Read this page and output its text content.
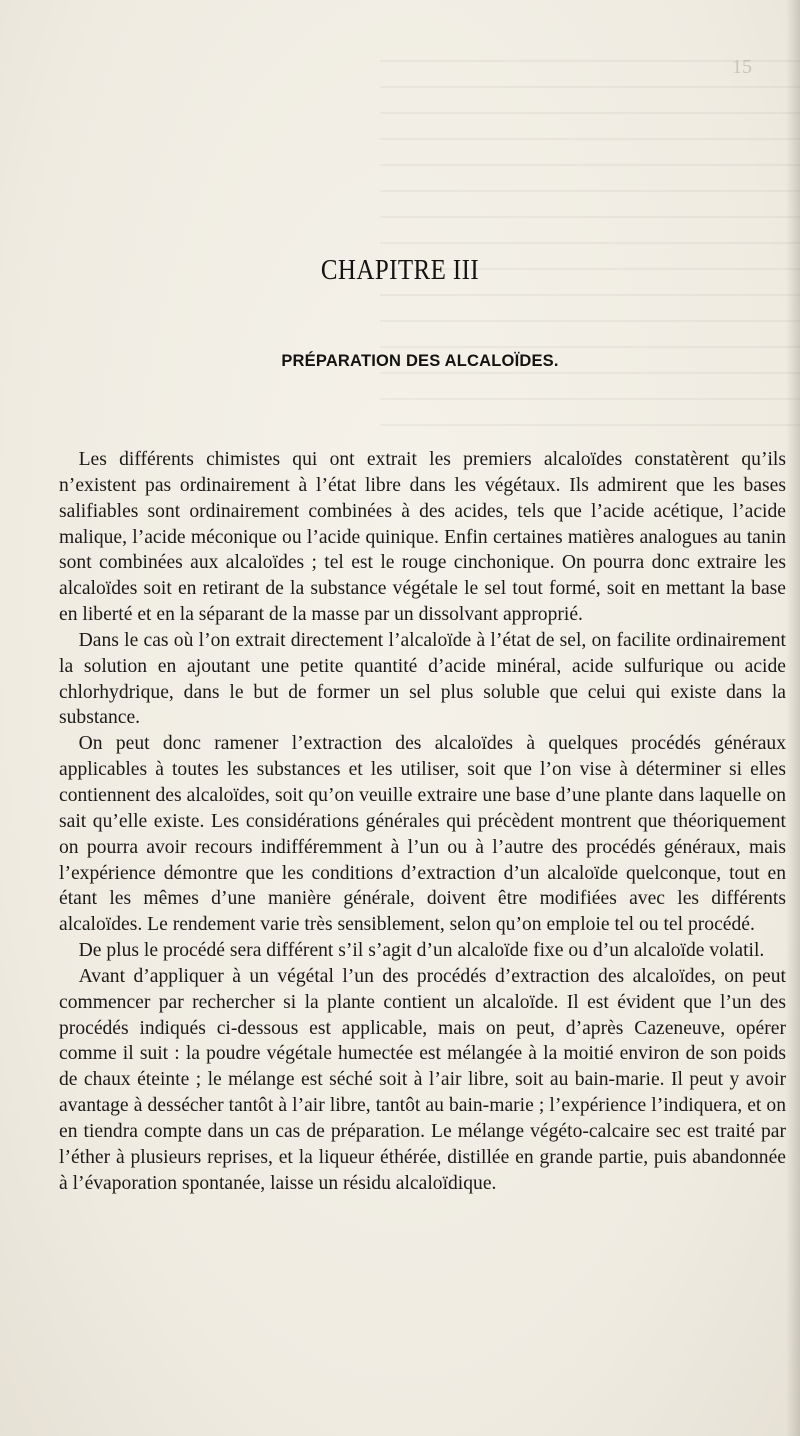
15
CHAPITRE III
PRÉPARATION DES ALCALOÏDES.

 Les différents chimistes qui ont extrait les premiers alcaloïdes constatèrent qu’ils n’existent pas ordinairement à l’état libre dans les végétaux. Ils admirent que les bases salifiables sont ordinairement combinées à des acides, tels que l’acide acétique, l’acide malique, l’acide méconique ou l’acide quinique. Enfin certaines matières analogues au tanin sont combinées aux alcaloïdes ; tel est le rouge cinchonique. On pourra donc extraire les alcaloïdes soit en retirant de la substance végétale le sel tout formé, soit en mettant la base en liberté et en la séparant de la masse par un dissolvant approprié.

 Dans le cas où l’on extrait directement l’alcaloïde à l’état de sel, on facilite ordinairement la solution en ajoutant une petite quantité d’acide minéral, acide sulfurique ou acide chlorhydrique, dans le but de former un sel plus soluble que celui qui existe dans la substance.

 On peut donc ramener l’extraction des alcaloïdes à quelques procédés généraux applicables à toutes les substances et les utiliser, soit que l’on vise à déterminer si elles contiennent des alcaloïdes, soit qu’on veuille extraire une base d’une plante dans laquelle on sait qu’elle existe. Les considérations générales qui précèdent montrent que théoriquement on pourra avoir recours indifféremment à l’un ou à l’autre des procédés généraux, mais l’expérience démontre que les conditions d’extraction d’un alcaloïde quelconque, tout en étant les mêmes d’une manière générale, doivent être modifiées avec les différents alcaloïdes. Le rendement varie très sensiblement, selon qu’on emploie tel ou tel procédé.

 De plus le procédé sera différent s’il s’agit d’un alcaloïde fixe ou d’un alcaloïde volatil.

 Avant d’appliquer à un végétal l’un des procédés d’extraction des alcaloïdes, on peut commencer par rechercher si la plante contient un alcaloïde. Il est évident que l’un des procédés indiqués ci-dessous est applicable, mais on peut, d’après Cazeneuve, opérer comme il suit : la poudre végétale humectée est mélangée à la moitié environ de son poids de chaux éteinte ; le mélange est séché soit à l’air libre, soit au bain-marie. Il peut y avoir avantage à dessécher tantôt à l’air libre, tantôt au bain-marie ; l’expérience l’indiquera, et on en tiendra compte dans un cas de préparation. Le mélange végéto-calcaire sec est traité par l’éther à plusieurs reprises, et la liqueur éthérée, distillée en grande partie, puis abandonnée à l’évaporation spontanée, laisse un résidu alcaloïdique.
